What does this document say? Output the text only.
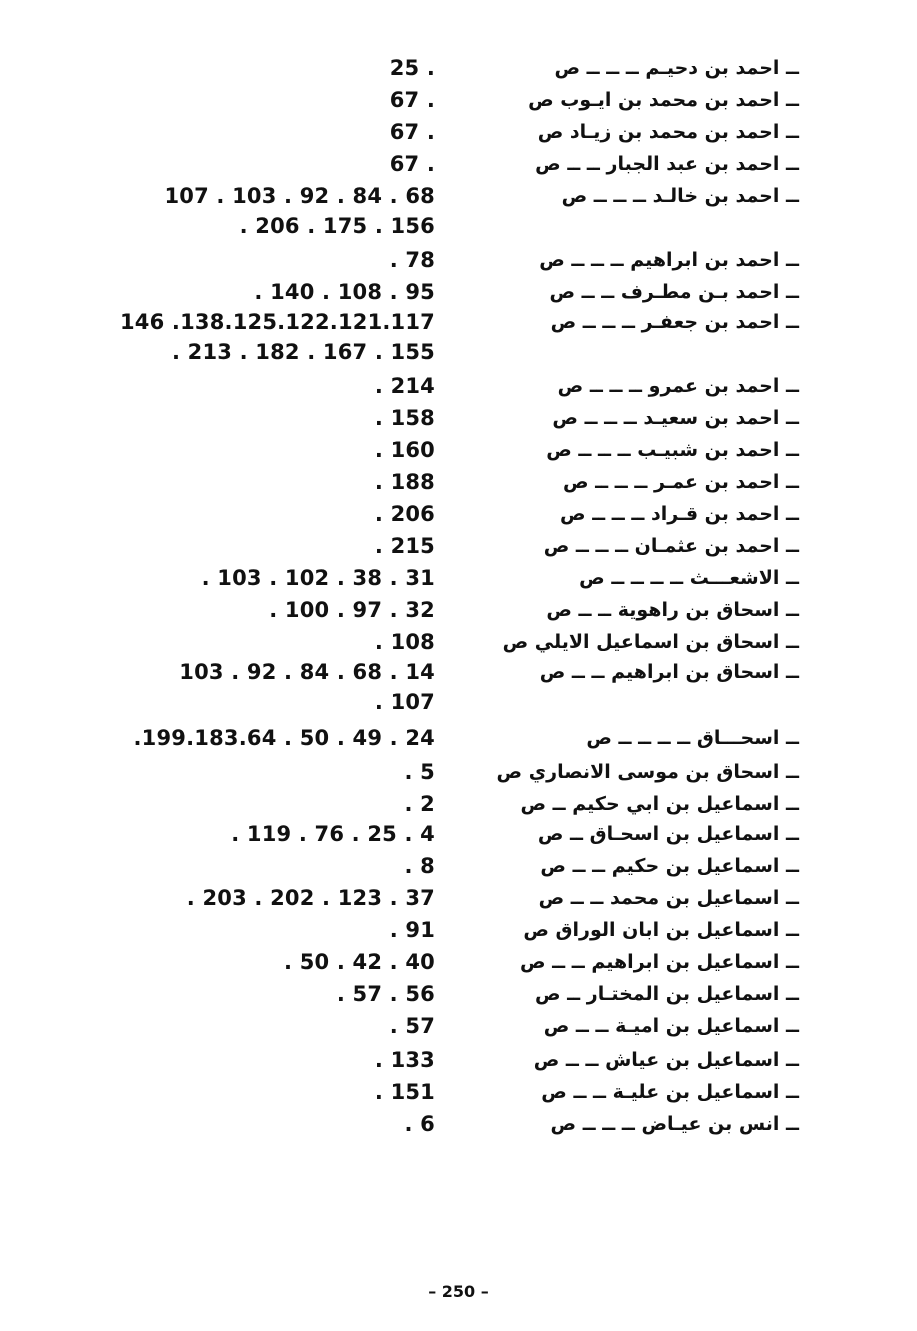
ــ احمد بن دحيـم ــ ــ ــ ص
25 .
ــ احمد بن محمد بن ايـوب ص
67 .
ــ احمد بن محمد بن زيـاد ص
67 .
ــ احمد بن عبد الجبار ــ ــ ص
67 .
ــ احمد بن خالـد ــ ــ ــ ص
107 . 103 . 92 . 84 . 68
. 206 . 175 . 156
ــ احمد بن ابراهيم ــ ــ ــ ص
. 78
ــ احمد بـن مطـرف ــ ــ ص
. 140 . 108 . 95
ــ احمد بن جعفـر ــ ــ ــ ص
146 .138.125.122.121.117
. 213 . 182 . 167 . 155
ــ احمد بن عمرو ــ ــ ــ ص
. 214
ــ احمد بن سعيـد ــ ــ ــ ص
. 158
ــ احمد بن شبيـب ــ ــ ــ ص
. 160
ــ احمد بن عمـر ــ ــ ــ ص
. 188
ــ احمد بن قـراد ــ ــ ــ ص
. 206
ــ احمد بن عثمـان ــ ــ ــ ص
. 215
ــ الاشعـــث ــ ــ ــ ــ ص
. 103 . 102 . 38 . 31
ــ اسحاق بن راهوية ــ ــ ص
. 100 . 97 . 32
ــ اسحاق بن اسماعيل الايلي ص
. 108
ــ اسحاق بن ابراهيم ــ ــ ص
103 . 92 . 84 . 68 . 14
. 107
ــ اسحـــاق ــ ــ ــ ــ ص
.199.183.64 . 50 . 49 . 24
ــ اسحاق بن موسى الانصاري ص
. 5
ــ اسماعيل بن ابي حكيم ــ ص
. 2
ــ اسماعيل بن اسحـاق ــ ص
. 119 . 76 . 25 . 4
ــ اسماعيل بن حكيم ــ ــ ص
. 8
ــ اسماعيل بن محمد ــ ــ ص
. 203 . 202 . 123 . 37
ــ اسماعيل بن ابان الوراق ص
. 91
ــ اسماعيل بن ابراهيم ــ ــ ص
. 50 . 42 . 40
ــ اسماعيل بن المختـار ــ ص
. 57 . 56
ــ اسماعيل بن اميـة ــ ــ ص
. 57
ــ اسماعيل بن عياش ــ ــ ص
. 133
ــ اسماعيل بن عليـة ــ ــ ص
. 151
ــ انس بن عيـاض ــ ــ ــ ص
. 6
– 250 –
